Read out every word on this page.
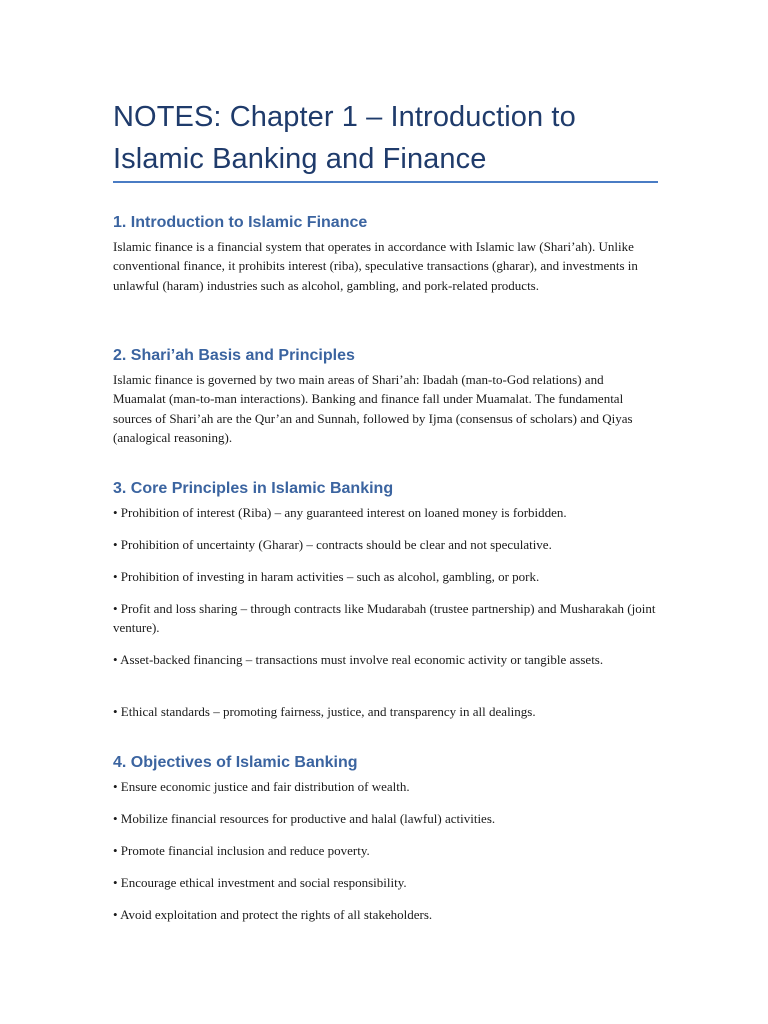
NOTES: Chapter 1 – Introduction to Islamic Banking and Finance
1. Introduction to Islamic Finance

Islamic finance is a financial system that operates in accordance with Islamic law (Shari’ah). Unlike conventional finance, it prohibits interest (riba), speculative transactions (gharar), and investments in unlawful (haram) industries such as alcohol, gambling, and pork-related products.

2. Shari’ah Basis and Principles

Islamic finance is governed by two main areas of Shari’ah: Ibadah (man-to-God relations) and Muamalat (man-to-man interactions). Banking and finance fall under Muamalat. The fundamental sources of Shari’ah are the Qur’an and Sunnah, followed by Ijma (consensus of scholars) and Qiyas (analogical reasoning).

3. Core Principles in Islamic Banking

• Prohibition of interest (Riba) – any guaranteed interest on loaned money is forbidden.

• Prohibition of uncertainty (Gharar) – contracts should be clear and not speculative.

• Prohibition of investing in haram activities – such as alcohol, gambling, or pork.

• Profit and loss sharing – through contracts like Mudarabah (trustee partnership) and Musharakah (joint venture).

• Asset-backed financing – transactions must involve real economic activity or tangible assets.

• Ethical standards – promoting fairness, justice, and transparency in all dealings.

4. Objectives of Islamic Banking

• Ensure economic justice and fair distribution of wealth.

• Mobilize financial resources for productive and halal (lawful) activities.

• Promote financial inclusion and reduce poverty.

• Encourage ethical investment and social responsibility.

• Avoid exploitation and protect the rights of all stakeholders.
